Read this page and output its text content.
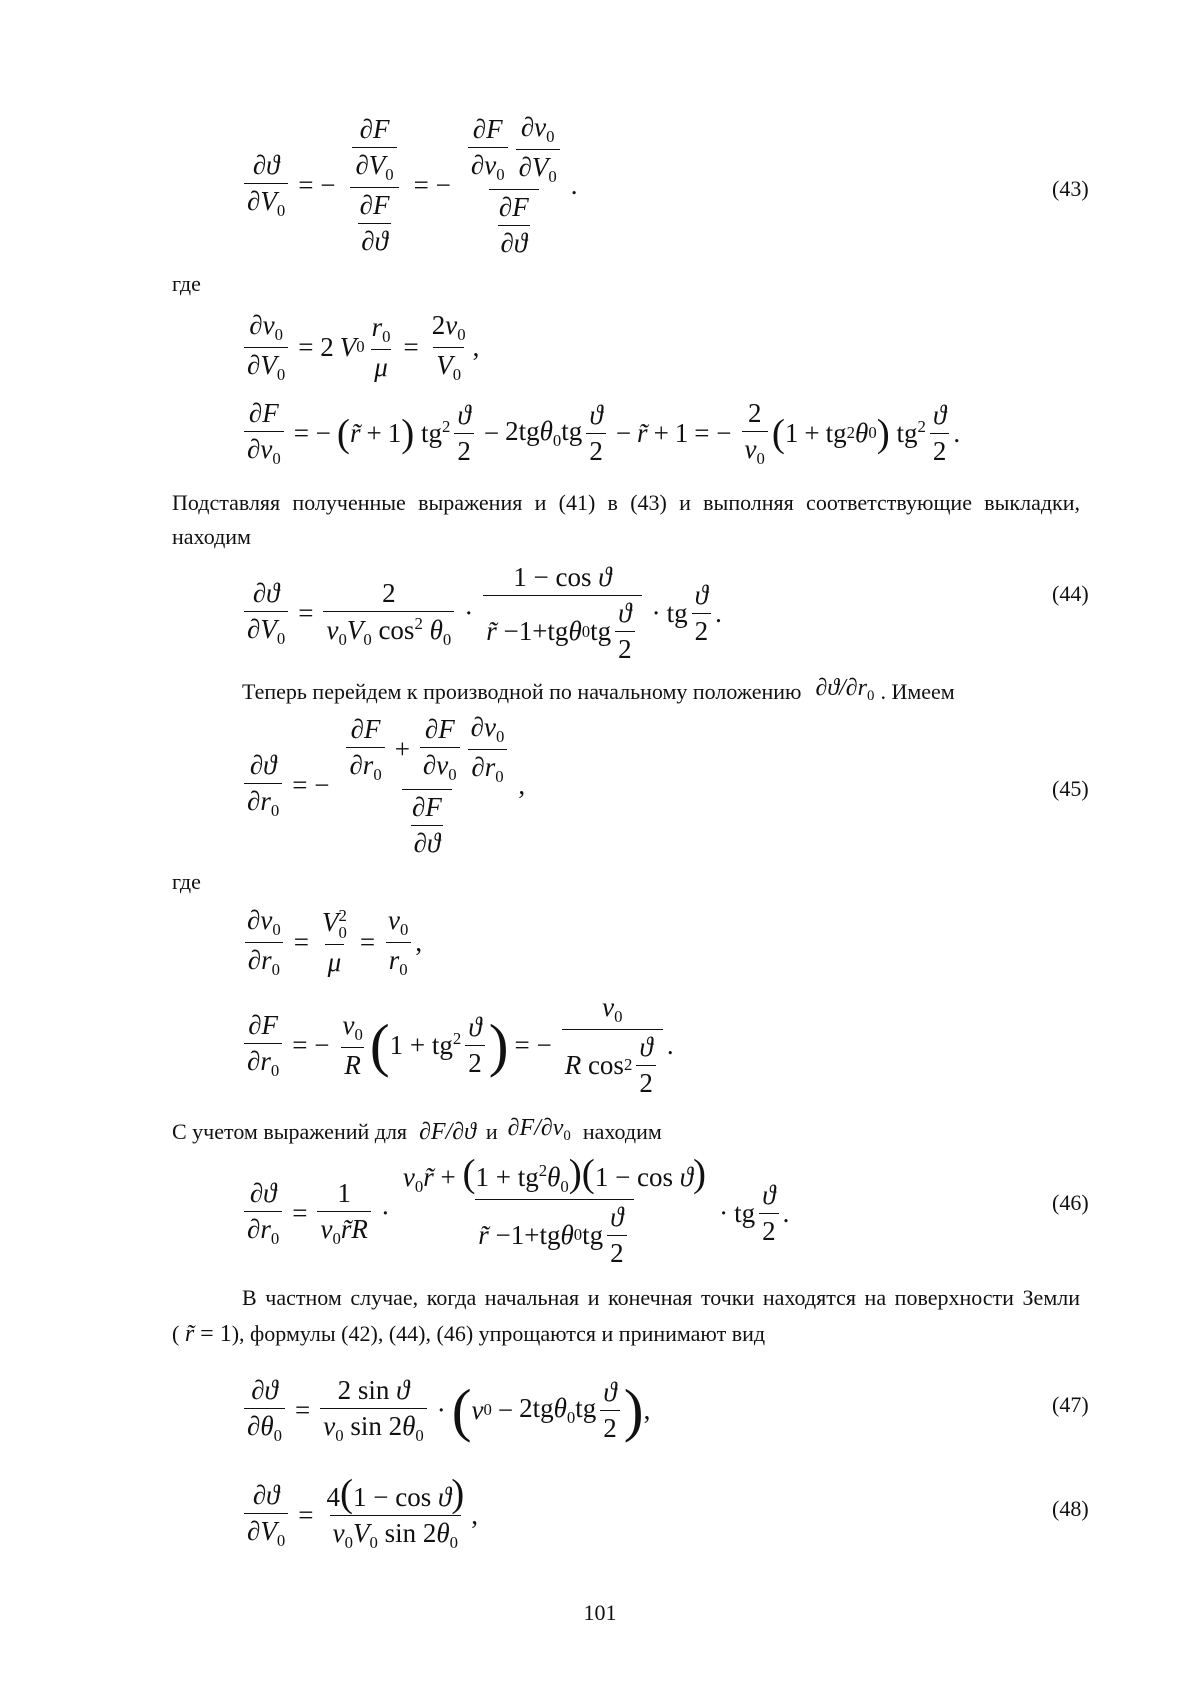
$\frac{\partial ϑ}{\partial V_0}$ = − $\frac{\frac{\partial F}{\partial V_0}}{\frac{\partial F}{\partial ϑ}}$ = − $\frac{\frac{\partial F}{\partial\nu_0} \frac{\partial\nu_0}{\partial V_0}}{\frac{\partial F}{\partial ϑ}}$ .	(43)
где
$\frac{\partial\nu_0}{\partial V_0} = 2$ V $0 \frac{r_0}{\mu} = \frac{2\nu_0}{V_0}$ ,
$\frac{\partial F}{\partial\nu_0}$ = − ( r̃ + 1 ) $tg^2 \frac{ϑ}{2} - 2tg\theta_0tg \frac{ϑ}{2}$ − r̃ + 1 = − $\frac{2}{\nu_0}$ ( 1 + tg 2 θ 0 ) $tg^2 \frac{ϑ}{2}$ .
Подставляя полученные выражения и (41) в (43) и выполняя соответствующие выкладки,
находим
$\frac{\partial ϑ}{\partial V_0} = \frac{2}{\nu_0V_0 \cos^2 \theta_0} \cdot \frac{\text{1 − cos ϑ}}{r̃ -1+tg \theta 0 tg \frac{ϑ}{2}}$ · tg $\frac{ϑ}{2}$ .
(44)
Теперь перейдем к производной по начальному положению $\partial ϑ/\partial r_0$ . Имеем
$\frac{\partial ϑ}{\partial r_0}$ = − $\frac{\frac{\partial F}{\partial r_0} + \frac{\partial F}{\partial\nu_0} \frac{\partial\nu_0}{\partial r_0}}{\frac{\partial F}{\partial ϑ}}$ ,	(45)
где
$\frac{\partial\nu_0}{\partial r_0} = V$ 2
0
$\mu = \frac{\nu_0}{r_0}$ ,
$\frac{\partial F}{\partial r_0}$ = − $\frac{\nu_0}{R}$ ( $1 + tg^2 \frac{ϑ}{2}$ ) = − $\frac{\nu_0}{R \cos 2 \frac{ϑ}{2}}$ .
С учетом выражений для ∂F/∂ϑ и $\partial F/\partial\nu_0$ находим
$\frac{\partial ϑ}{\partial r_0} = \frac{1}{\nu_0r̃R} \cdot \frac{\nu_0r̃ + (1 + tg^2\theta_0)(1 - \cos ϑ)}{r̃ -1+tg \theta 0 tg \frac{ϑ}{2}}$ · tg $\frac{ϑ}{2}$ .	(46)
В частном случае, когда начальная и конечная точки находятся на поверхности Земли
( r̃ = 1 ), формулы (42), (44), (46) упрощаются и принимают вид
$\frac{\partial ϑ}{\partial\theta_0} = \frac{\text{2 sin ϑ}}{\nu_0 \sin 2\theta_0}$ · ( ν $0 - 2tg\theta_0tg \frac{ϑ}{2}$ ) ,	(47)
$\frac{\partial ϑ}{\partial V_0} = \frac{\text{4(1 − cos ϑ)}}{\nu_0V_0 \sin 2\theta_0}$ ,	(48)
101
